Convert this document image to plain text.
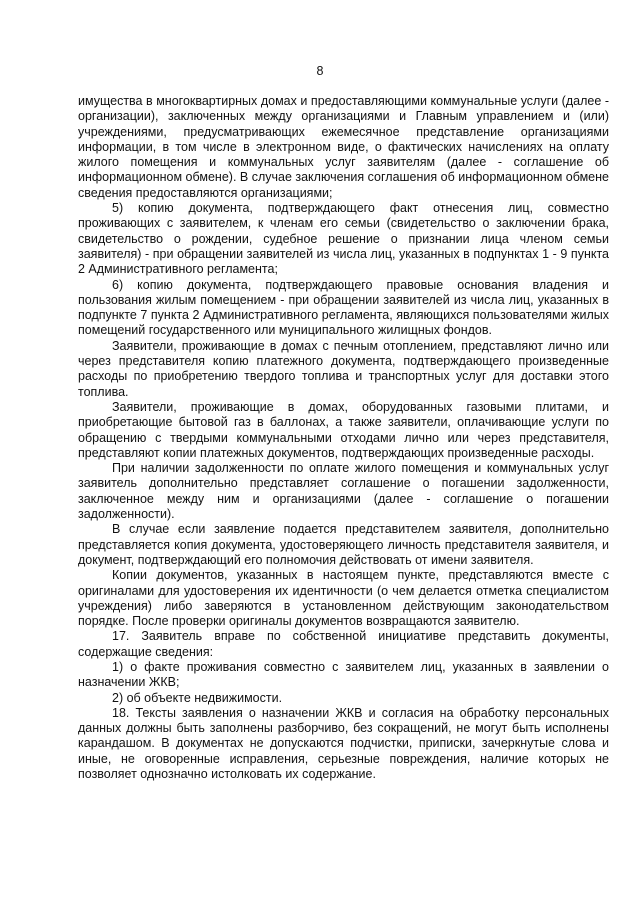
8

имущества в многоквартирных домах и предоставляющими коммунальные услуги (далее - организации), заключенных между организациями и Главным управлением и (или) учреждениями, предусматривающих ежемесячное представление организациями информации, в том числе в электронном виде, о фактических начислениях на оплату жилого помещения и коммунальных услуг заявителям (далее - соглашение об информационном обмене). В случае заключения соглашения об информационном обмене сведения предоставляются организациями;

5) копию документа, подтверждающего факт отнесения лиц, совместно проживающих с заявителем, к членам его семьи (свидетельство о заключении брака, свидетельство о рождении, судебное решение о признании лица членом семьи заявителя) - при обращении заявителей из числа лиц, указанных в подпунктах 1 - 9 пункта 2 Административного регламента;

6) копию документа, подтверждающего правовые основания владения и пользования жилым помещением - при обращении заявителей из числа лиц, указанных в подпункте 7 пункта 2 Административного регламента, являющихся пользователями жилых помещений государственного или муниципального жилищных фондов.

Заявители, проживающие в домах с печным отоплением, представляют лично или через представителя копию платежного документа, подтверждающего произведенные расходы по приобретению твердого топлива и транспортных услуг для доставки этого топлива.

Заявители, проживающие в домах, оборудованных газовыми плитами, и приобретающие бытовой газ в баллонах, а также заявители, оплачивающие услуги по обращению с твердыми коммунальными отходами лично или через представителя, представляют копии платежных документов, подтверждающих произведенные расходы.

При наличии задолженности по оплате жилого помещения и коммунальных услуг заявитель дополнительно представляет соглашение о погашении задолженности, заключенное между ним и организациями (далее - соглашение о погашении задолженности).

В случае если заявление подается представителем заявителя, дополнительно представляется копия документа, удостоверяющего личность представителя заявителя, и документ, подтверждающий его полномочия действовать от имени заявителя.

Копии документов, указанных в настоящем пункте, представляются вместе с оригиналами для удостоверения их идентичности (о чем делается отметка специалистом учреждения) либо заверяются в установленном действующим законодательством порядке. После проверки оригиналы документов возвращаются заявителю.

17. Заявитель вправе по собственной инициативе представить документы, содержащие сведения:

1) о факте проживания совместно с заявителем лиц, указанных в заявлении о назначении ЖКВ;

2) об объекте недвижимости.

18. Тексты заявления о назначении ЖКВ и согласия на обработку персональных данных должны быть заполнены разборчиво, без сокращений, не могут быть исполнены карандашом. В документах не допускаются подчистки, приписки, зачеркнутые слова и иные, не оговоренные исправления, серьезные повреждения, наличие которых не позволяет однозначно истолковать их содержание.
